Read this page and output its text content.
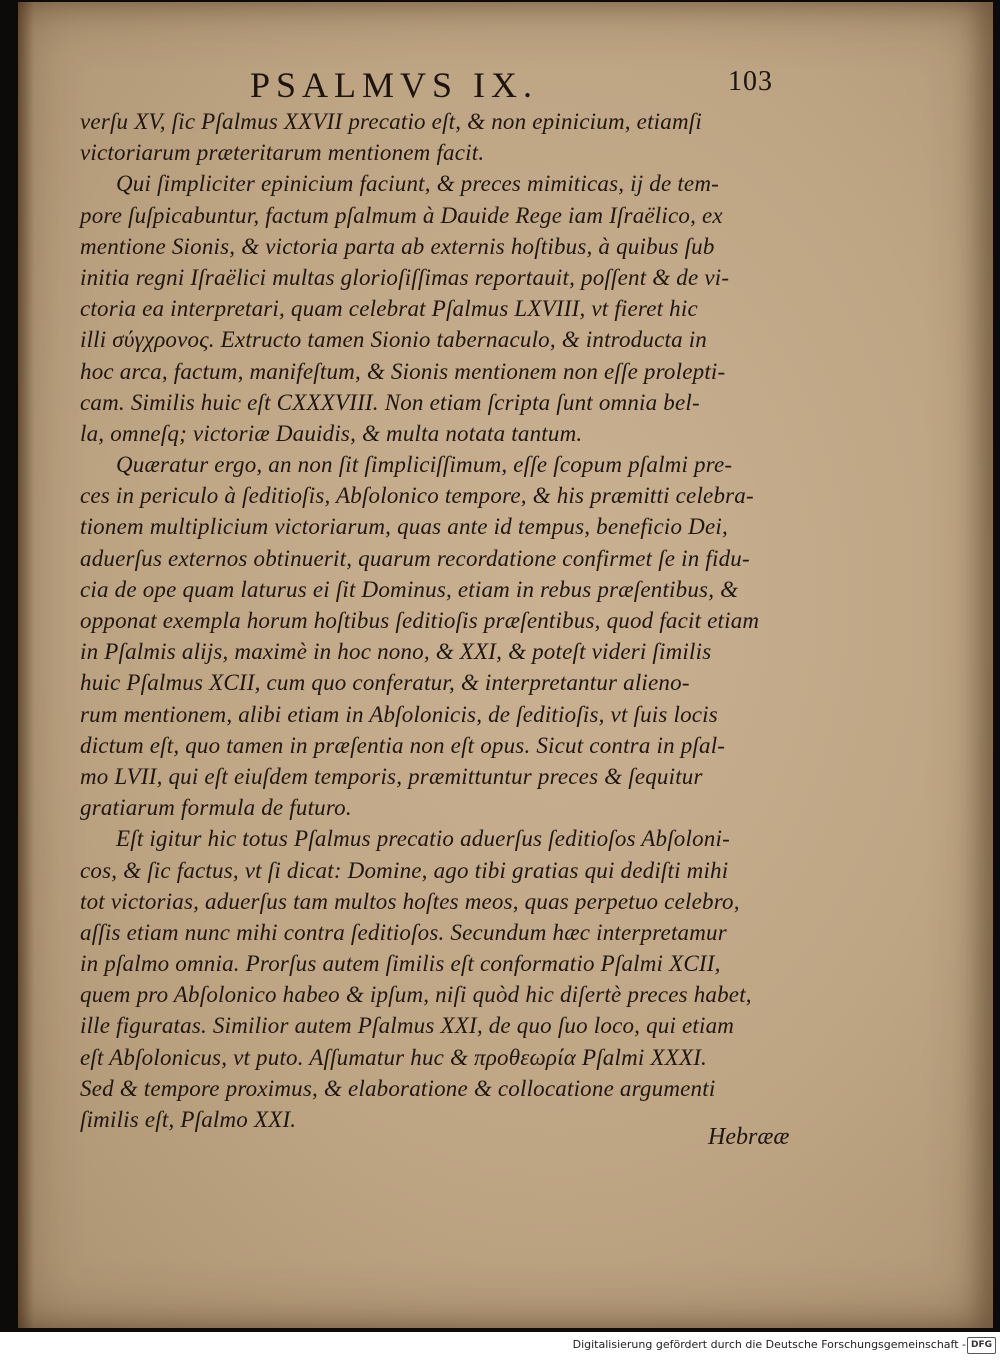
PSALMVS IX.	103
verſu XV, ſic Pſalmus XXVII precatio eſt, & non epinicium, etiamſi
victoriarum præteritarum mentionem facit.
Qui ſimpliciter epinicium faciunt, & preces mimiticas, ij de tem-
pore ſuſpicabuntur, factum pſalmum à Dauide Rege iam Iſraëlico, ex
mentione Sionis, & victoria parta ab externis hoſtibus, à quibus ſub
initia regni Iſraëlici multas glorioſiſſimas reportauit, poſſent & de vi-
ctoria ea interpretari, quam celebrat Pſalmus LXVIII, vt fieret hic
illi σύγχρονος. Extructo tamen Sionio tabernaculo, & introducta in
hoc arca, factum, manifeſtum, & Sionis mentionem non eſſe prolepti-
cam. Similis huic eſt CXXXVIII. Non etiam ſcripta ſunt omnia bel-
la, omneſq; victoriæ Dauidis, & multa notata tantum.
Quæratur ergo, an non ſit ſimpliciſſimum, eſſe ſcopum pſalmi pre-
ces in periculo à ſeditioſis, Abſolonico tempore, & his præmitti celebra-
tionem multiplicium victoriarum, quas ante id tempus, beneficio Dei,
aduerſus externos obtinuerit, quarum recordatione confirmet ſe in fidu-
cia de ope quam laturus ei ſit Dominus, etiam in rebus præſentibus, &
opponat exempla horum hoſtibus ſeditioſis præſentibus, quod facit etiam
in Pſalmis alijs, maximè in hoc nono, & XXI, & poteſt videri ſimilis
huic Pſalmus XCII, cum quo conferatur, & interpretantur alieno-
rum mentionem, alibi etiam in Abſolonicis, de ſeditioſis, vt ſuis locis
dictum eſt, quo tamen in præſentia non eſt opus. Sicut contra in pſal-
mo LVII, qui eſt eiuſdem temporis, præmittuntur preces & ſequitur
gratiarum formula de futuro.
Eſt igitur hic totus Pſalmus precatio aduerſus ſeditioſos Abſoloni-
cos, & ſic factus, vt ſi dicat: Domine, ago tibi gratias qui dediſti mihi
tot victorias, aduerſus tam multos hoſtes meos, quas perpetuo celebro,
aſſis etiam nunc mihi contra ſeditioſos. Secundum hæc interpretamur
in pſalmo omnia. Prorſus autem ſimilis eſt conformatio Pſalmi XCII,
quem pro Abſolonico habeo & ipſum, niſi quòd hic diſertè preces habet,
ille figuratas. Similior autem Pſalmus XXI, de quo ſuo loco, qui etiam
eſt Abſolonicus, vt puto. Aſſumatur huc & προθεωρία Pſalmi XXXI.
Sed & tempore proximus, & elaboratione & collocatione argumenti
ſimilis eſt, Pſalmo XXI.
Hebrææ
Digitalisierung gefördert durch die Deutsche Forschungsgemeinschaft - DFG
